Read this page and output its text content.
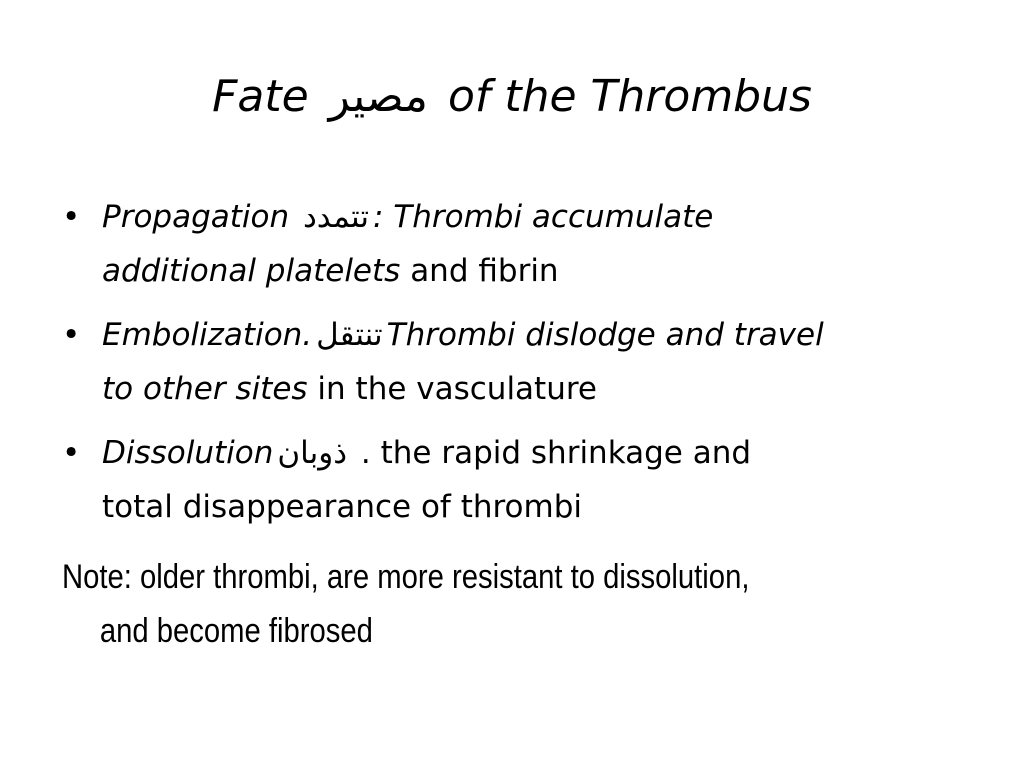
Fate مصير of the Thrombus
• Propagation تتمدد : Thrombi accumulate
additional platelets and fibrin
• Embolization. تنتقل Thrombi dislodge and travel
to other sites in the vasculature
• Dissolution ذوبان . the rapid shrinkage and
total disappearance of thrombi
Note: older thrombi, are more resistant to dissolution,
and become fibrosed
